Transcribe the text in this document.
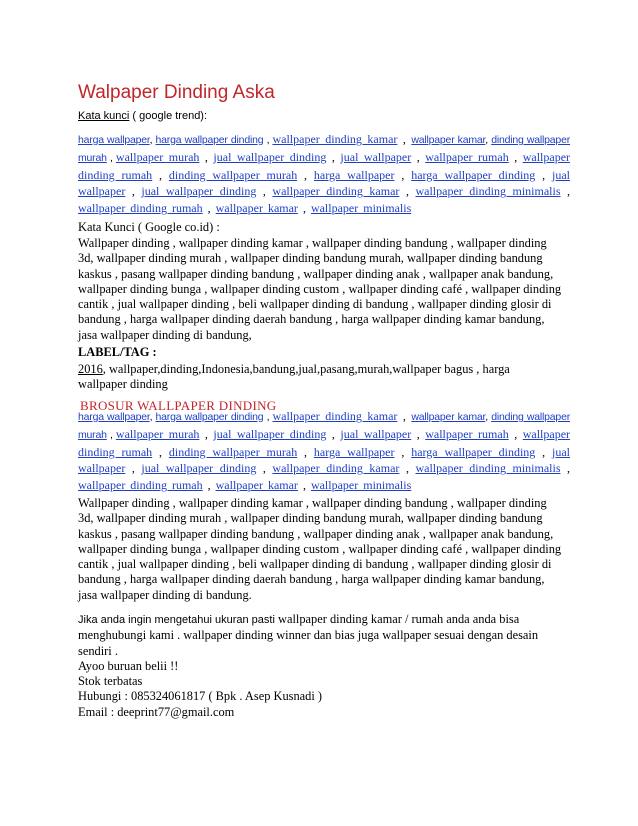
Walpaper Dinding Aska
Kata kunci ( google trend):
harga wallpaper, harga wallpaper dinding , wallpaper dinding kamar , wallpaper kamar, dinding wallpaper murah , wallpaper murah , jual wallpaper dinding , jual wallpaper , wallpaper rumah , wallpaper dinding rumah , dinding wallpaper murah , harga wallpaper , harga wallpaper dinding , jual wallpaper , jual wallpaper dinding , wallpaper dinding kamar , wallpaper dinding minimalis , wallpaper dinding rumah , wallpaper kamar , wallpaper minimalis
Kata Kunci ( Google co.id) :
Wallpaper dinding , wallpaper dinding kamar , wallpaper dinding bandung , wallpaper dinding
3d, wallpaper dinding murah , wallpaper dinding bandung murah, wallpaper dinding bandung
kaskus , pasang wallpaper dinding bandung , wallpaper dinding anak , wallpaper anak bandung,
wallpaper dinding bunga , wallpaper dinding custom , wallpaper dinding café , wallpaper dinding
cantik , jual wallpaper dinding , beli wallpaper dinding di bandung , wallpaper dinding glosir di
bandung , harga wallpaper dinding daerah bandung , harga wallpaper dinding kamar bandung,
jasa wallpaper dinding di bandung,
LABEL/TAG :
2016, wallpaper,dinding,Indonesia,bandung,jual,pasang,murah,wallpaper bagus , harga
wallpaper dinding
BROSUR WALLPAPER DINDING
harga wallpaper, harga wallpaper dinding , wallpaper dinding kamar , wallpaper kamar, dinding wallpaper murah , wallpaper murah , jual wallpaper dinding , jual wallpaper , wallpaper rumah , wallpaper dinding rumah , dinding wallpaper murah , harga wallpaper , harga wallpaper dinding , jual wallpaper , jual wallpaper dinding , wallpaper dinding kamar , wallpaper dinding minimalis , wallpaper dinding rumah , wallpaper kamar , wallpaper minimalis
Wallpaper dinding , wallpaper dinding kamar , wallpaper dinding bandung , wallpaper dinding
3d, wallpaper dinding murah , wallpaper dinding bandung murah, wallpaper dinding bandung
kaskus , pasang wallpaper dinding bandung , wallpaper dinding anak , wallpaper anak bandung,
wallpaper dinding bunga , wallpaper dinding custom , wallpaper dinding café , wallpaper dinding
cantik , jual wallpaper dinding , beli wallpaper dinding di bandung , wallpaper dinding glosir di
bandung , harga wallpaper dinding daerah bandung , harga wallpaper dinding kamar bandung,
jasa wallpaper dinding di bandung.
Jika anda ingin mengetahui ukuran pasti wallpaper dinding kamar / rumah anda anda bisa
menghubungi kami . wallpaper dinding winner dan bias juga wallpaper sesuai dengan desain
sendiri .
Ayoo buruan belii !!
Stok terbatas
Hubungi : 085324061817 ( Bpk . Asep Kusnadi )
Email : deeprint77@gmail.com
